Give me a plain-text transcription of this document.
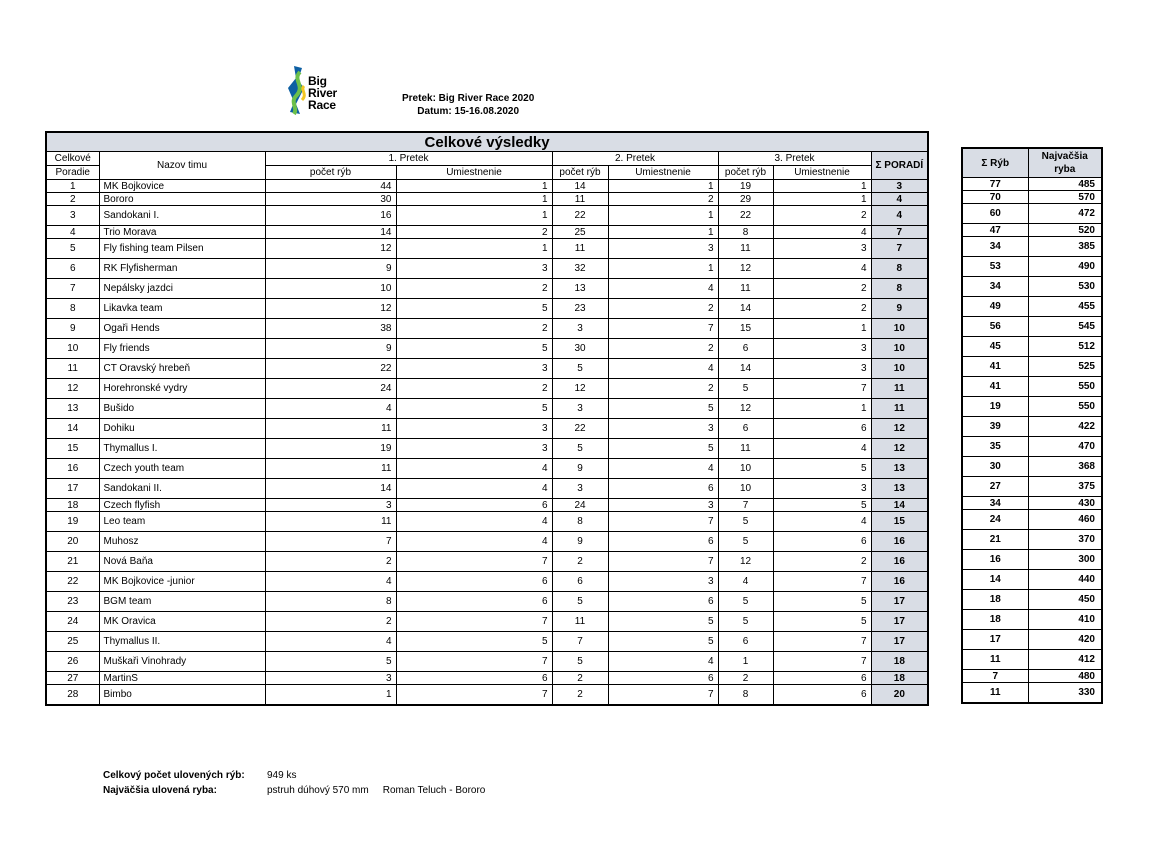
Big
River
Race	Pretek: Big River Race 2020
Datum: 15-16.08.2020
Celkové výsledky								
Celkové	Nazov timu	1. Pretek		2. Pretek		3. Pretek		Σ PORADÍ
Poradie		počet rýb	Umiestnenie	počet rýb	Umiestnenie	počet rýb	Umiestnenie	
1	MK Bojkovice	44	1	14	1	19	1	3
2	Bororo	30	1	11	2	29	1	4
3	Sandokani I.	16	1	22	1	22	2	4
4	Trio Morava	14	2	25	1	8	4	7
5	Fly fishing team Pilsen	12	1	11	3	11	3	7
6	RK Flyfisherman	9	3	32	1	12	4	8
7	Nepálsky jazdci	10	2	13	4	11	2	8
8	Likavka team	12	5	23	2	14	2	9
9	Ogaři Hends	38	2	3	7	15	1	10
10	Fly friends	9	5	30	2	6	3	10
11	CT Oravský hrebeň	22	3	5	4	14	3	10
12	Horehronské vydry	24	2	12	2	5	7	11
13	Bušido	4	5	3	5	12	1	11
14	Dohiku	11	3	22	3	6	6	12
15	Thymallus I.	19	3	5	5	11	4	12
16	Czech youth team	11	4	9	4	10	5	13
17	Sandokani II.	14	4	3	6	10	3	13
18	Czech flyfish	3	6	24	3	7	5	14
19	Leo team	11	4	8	7	5	4	15
20	Muhosz	7	4	9	6	5	6	16
21	Nová Baňa	2	7	2	7	12	2	16
22	MK Bojkovice -junior	4	6	6	3	4	7	16
23	BGM team	8	6	5	6	5	5	17
24	MK Oravica	2	7	11	5	5	5	17
25	Thymallus II.	4	5	7	5	6	7	17
26	Muškaři Vinohrady	5	7	5	4	1	7	18
27	MartinS	3	6	2	6	2	6	18
28	Bimbo	1	7	2	7	8	6	20
Σ Rýb	Najvačšia ryba
77	485
70	570
60	472
47	520
34	385
53	490
34	530
49	455
56	545
45	512
41	525
41	550
19	550
39	422
35	470
30	368
27	375
34	430
24	460
21	370
16	300
14	440
18	450
18	410
17	420
11	412
7	480
11	330
Celkový počet ulovených rýb: 949 ks
Najväčšia ulovená ryba:	pstruh dúhový 570 mm Roman Teluch - Bororo
